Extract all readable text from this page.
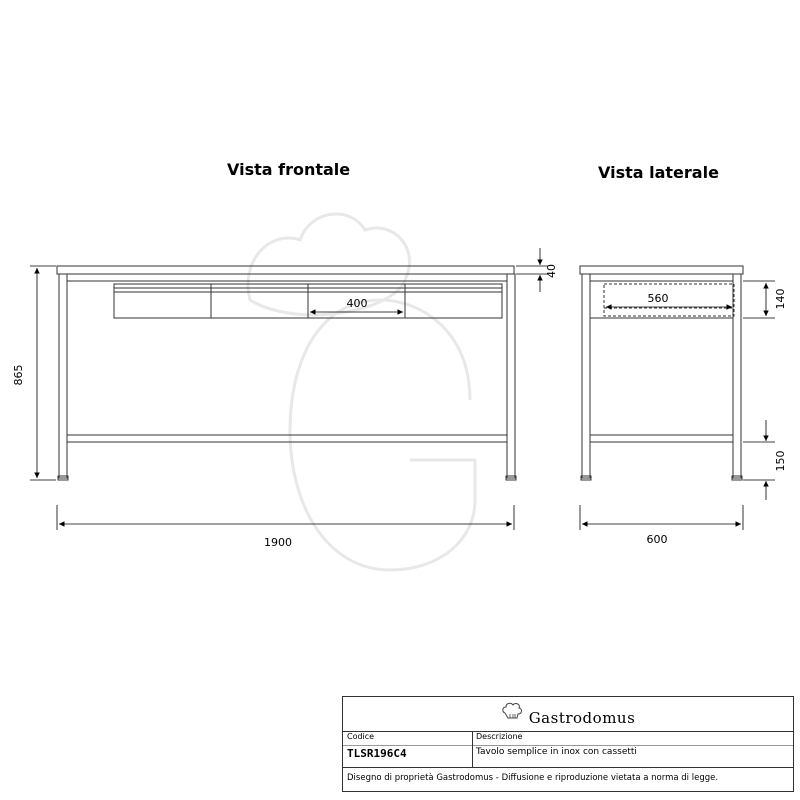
Vista frontale	Vista laterale
865
1900
40
400
600
560	140
150
Gastrodomus
Codice
TLSR196C4
Descrizione
Tavolo semplice in inox con cassetti
Disegno di proprietà Gastrodomus - Diffusione e riproduzione vietata a norma di legge.
